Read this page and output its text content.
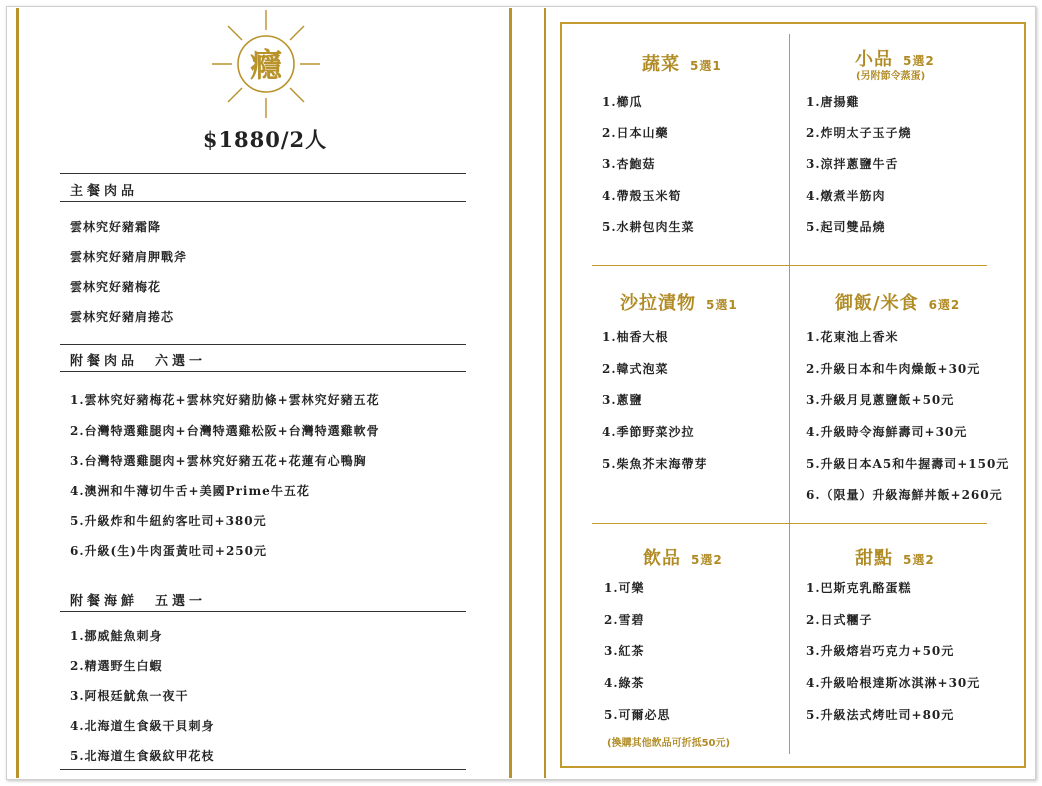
癮
$1880/2人
主餐肉品
雲林究好豬霜降
雲林究好豬肩胛戰斧
雲林究好豬梅花
雲林究好豬肩捲芯
附餐肉品　六選一
1.雲林究好豬梅花+雲林究好豬肋條+雲林究好豬五花
2.台灣特選雞腿肉+台灣特選雞松阪+台灣特選雞軟骨
3.台灣特選雞腿肉+雲林究好豬五花+花蓮有心鴨胸
4.澳洲和牛薄切牛舌+美國Prime牛五花
5.升級炸和牛紐約客吐司+380元
6.升級(生)牛肉蛋黃吐司+250元
附餐海鮮　五選一
1.挪威鮭魚刺身
2.精選野生白蝦
3.阿根廷魷魚一夜干
4.北海道生食級干貝刺身
5.北海道生食級紋甲花枝
蔬菜 5選1
1.櫛瓜
2.日本山藥
3.杏鮑菇
4.帶殼玉米筍
5.水耕包肉生菜
小品 5選2
(另附節令蒸蛋)
1.唐揚雞
2.炸明太子玉子燒
3.涼拌蔥鹽牛舌
4.燉煮半筋肉
5.起司雙品燒
沙拉漬物 5選1
1.柚香大根
2.韓式泡菜
3.蔥鹽
4.季節野菜沙拉
5.柴魚芥末海帶芽
御飯/米食 6選2
1.花東池上香米
2.升級日本和牛肉燥飯+30元
3.升級月見蔥鹽飯+50元
4.升級時令海鮮壽司+30元
5.升級日本A5和牛握壽司+150元
6.（限量）升級海鮮丼飯+260元
飲品 5選2
1.可樂
2.雪碧
3.紅茶
4.綠茶
5.可爾必思
(換購其他飲品可折抵50元)
甜點 5選2
1.巴斯克乳酪蛋糕
2.日式糰子
3.升級熔岩巧克力+50元
4.升級哈根達斯冰淇淋+30元
5.升級法式烤吐司+80元
